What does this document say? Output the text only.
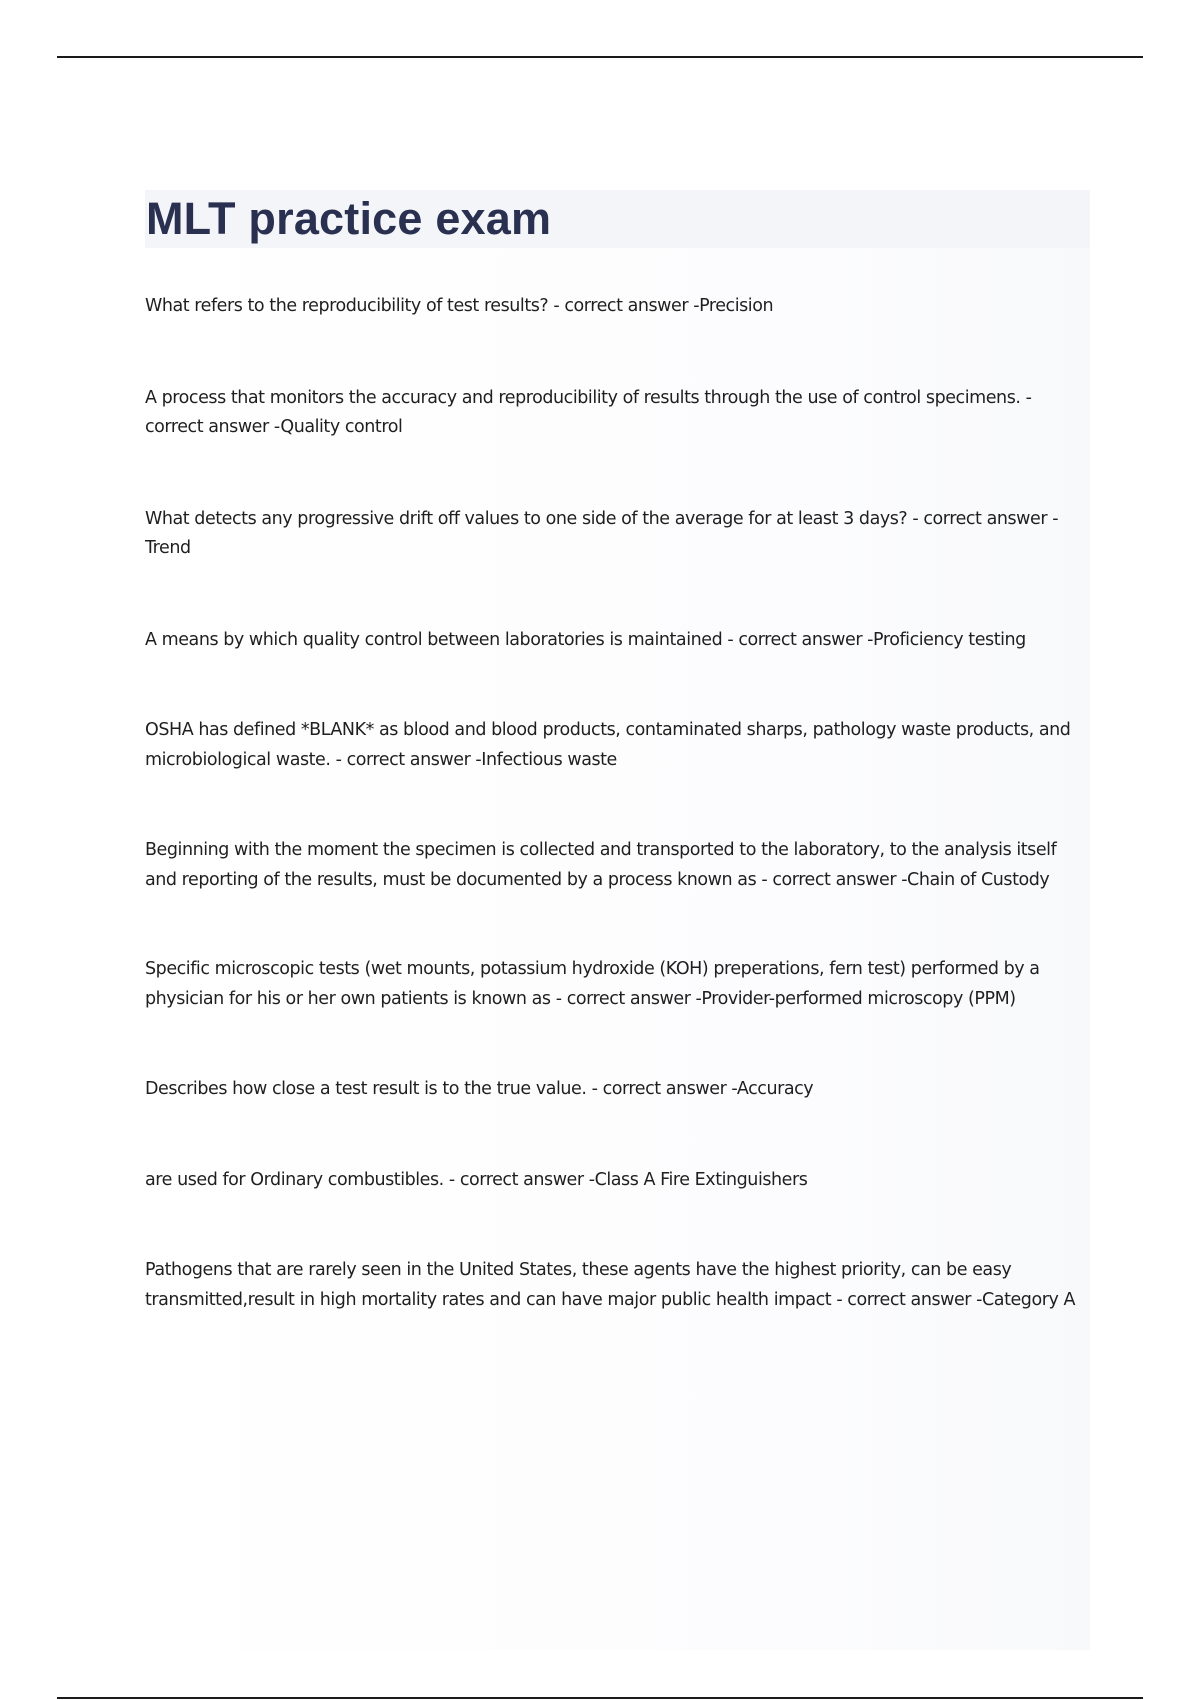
MLT practice exam
What refers to the reproducibility of test results? - correct answer -Precision
A process that monitors the accuracy and reproducibility of results through the use of control specimens. - correct answer -Quality control
What detects any progressive drift off values to one side of the average for at least 3 days? - correct answer -Trend
A means by which quality control between laboratories is maintained - correct answer -Proficiency testing
OSHA has defined *BLANK* as blood and blood products, contaminated sharps, pathology waste products, and microbiological waste. - correct answer -Infectious waste
Beginning with the moment the specimen is collected and transported to the laboratory, to the analysis itself and reporting of the results, must be documented by a process known as - correct answer -Chain of Custody
Specific microscopic tests (wet mounts, potassium hydroxide (KOH) preperations, fern test) performed by a physician for his or her own patients is known as - correct answer -Provider-performed microscopy (PPM)
Describes how close a test result is to the true value. - correct answer -Accuracy
are used for Ordinary combustibles. - correct answer -Class A Fire Extinguishers
Pathogens that are rarely seen in the United States, these agents have the highest priority, can be easy transmitted,result in high mortality rates and can have major public health impact - correct answer -Category A
